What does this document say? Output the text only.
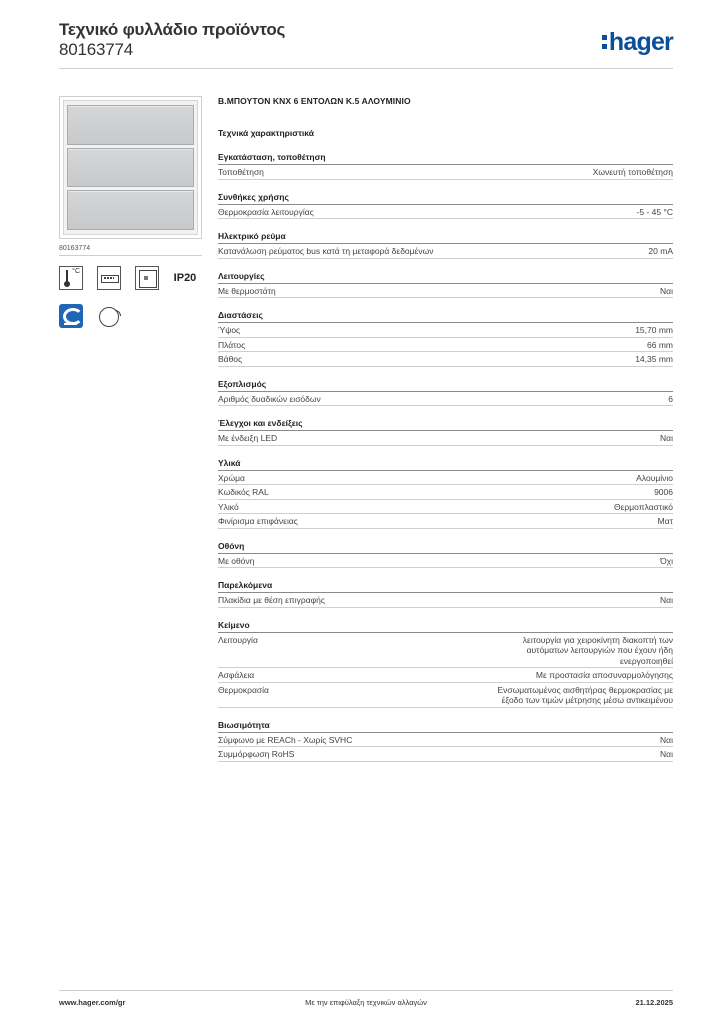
Τεχνικό φυλλάδιο προϊόντος
80163774	hager
80163774
°C
IP20
Β.ΜΠΟΥΤΟΝ KNX 6 ΕΝΤΟΛΩΝ Κ.5 ΑΛΟΥΜΙΝΙΟ
Τεχνικά χαρακτηριστικά
Εγκατάσταση, τοποθέτηση
Τοποθέτηση	Χωνευτή τοποθέτηση
Συνθήκες χρήσης
Θερμοκρασία λειτουργίας	-5 - 45 °C
Ηλεκτρικό ρεύμα
Κατανάλωση ρεύματος bus κατά τη μεταφορά δεδομένων	20 mA
Λειτουργίες
Με θερμοστάτη	Ναι
Διαστάσεις
Ύψος	15,70 mm
Πλάτος	66 mm
Βάθος	14,35 mm
Εξοπλισμός
Αριθμός δυαδικών εισόδων	6
Έλεγχοι και ενδείξεις
Με ένδειξη LED	Ναι
Υλικά
Χρώμα	Αλουμίνιο
Κωδικός RAL	9006
Υλικό	Θερμοπλαστικό
Φινίρισμα επιφάνειας	Ματ
Οθόνη
Με οθόνη	Όχι
Παρελκόμενα
Πλακίδια με θέση επιγραφής	Ναι
Κείμενο
Λειτουργία	λειτουργία για χειροκίνητη διακοπτή των αυτόματων λειτουργιών που έχουν ήδη ενεργοποιηθεί
Ασφάλεια	Με προστασία αποσυναρμολόγησης
Θερμοκρασία	Ενσωματωμένος αισθητήρας θερμοκρασίας με έξοδο των τιμών μέτρησης μέσω αντικειμένου
Βιωσιμότητα
Σύμφωνο με REACh - Χωρίς SVHC	Ναι
Συμμόρφωση RoHS	Ναι
Με την επιφύλαξη τεχνικών αλλαγών
www.hager.com/gr	21.12.2025
